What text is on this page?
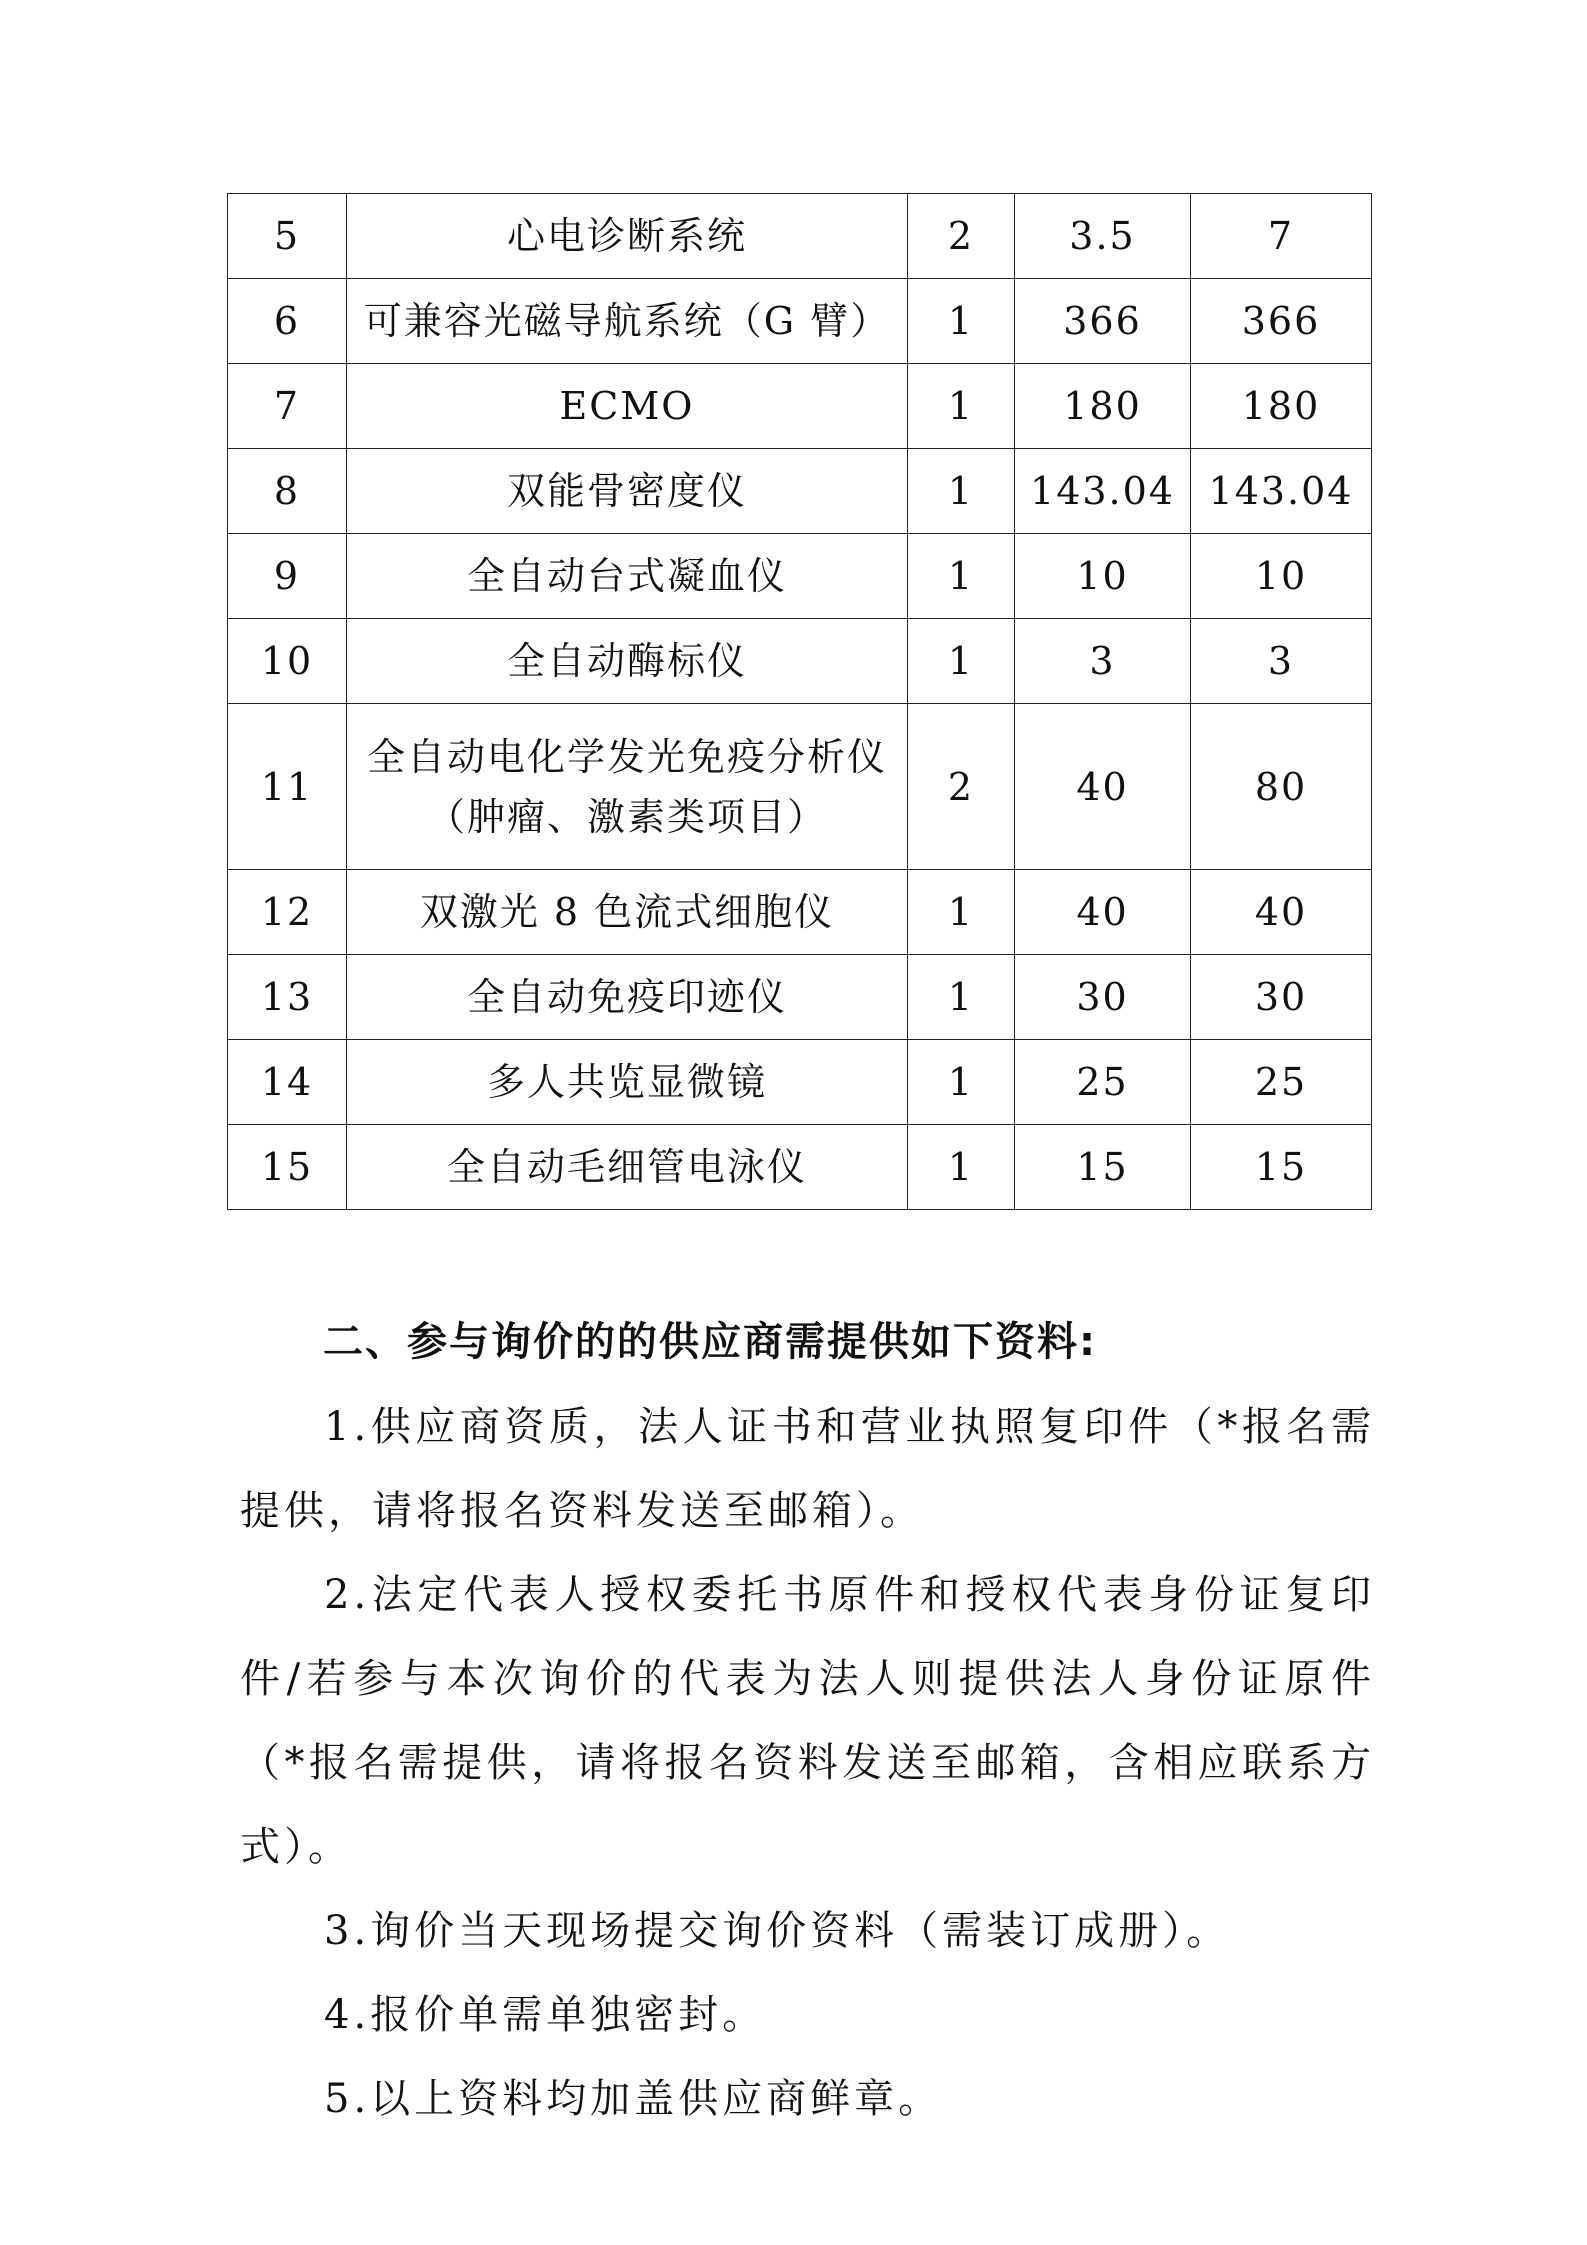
5	心电诊断系统	2	3.5	7
6	可兼容光磁导航系统（G 臂）	1	366	366
7	ECMO	1	180	180
8	双能骨密度仪	1	143.04	143.04
9	全自动台式凝血仪	1	10	10
10	全自动酶标仪	1	3	3
11	全自动电化学发光免疫分析仪（肿瘤、激素类项目）	2	40	80
12	双激光 8 色流式细胞仪	1	40	40
13	全自动免疫印迹仪	1	30	30
14	多人共览显微镜	1	25	25
15	全自动毛细管电泳仪	1	15	15
二、参与询价的的供应商需提供如下资料:

1.供应商资质，法人证书和营业执照复印件（*报名需提供，请将报名资料发送至邮箱）。

2.法定代表人授权委托书原件和授权代表身份证复印件/若参与本次询价的代表为法人则提供法人身份证原件（*报名需提供，请将报名资料发送至邮箱，含相应联系方式）。

3.询价当天现场提交询价资料（需装订成册）。

4.报价单需单独密封。

5.以上资料均加盖供应商鲜章。
